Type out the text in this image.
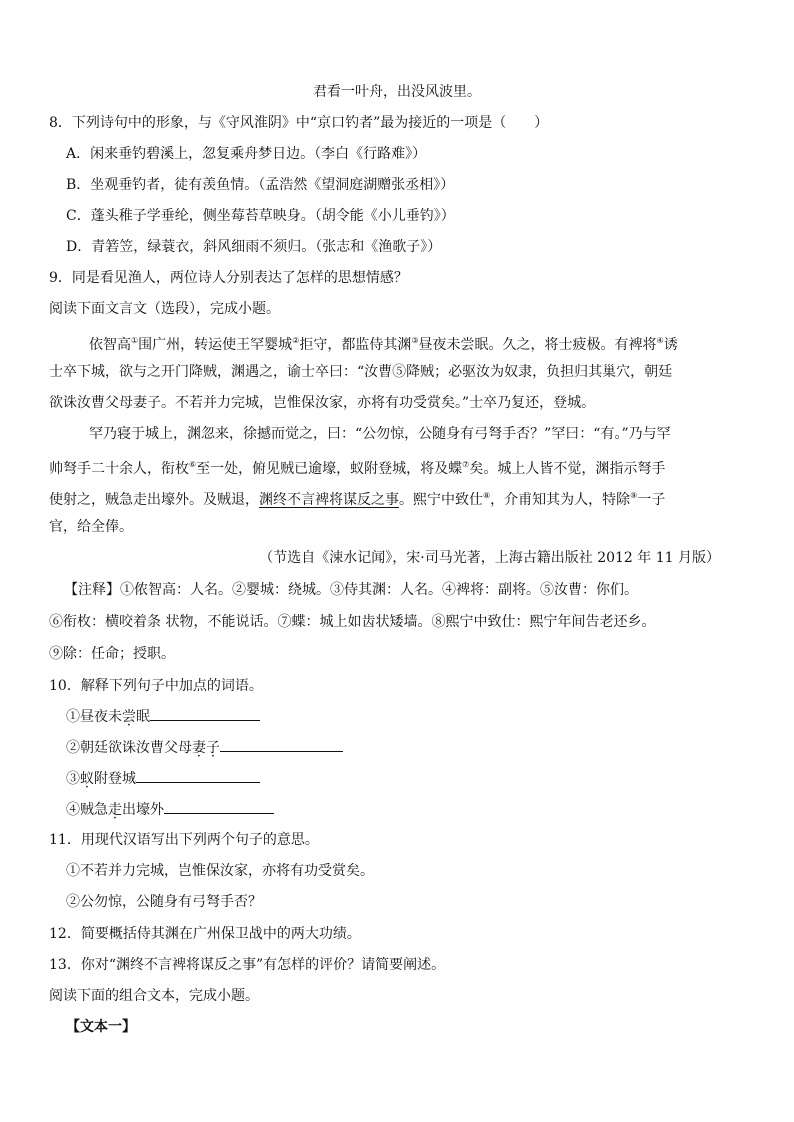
君看一叶舟，出没风波里。
8．下列诗句中的形象，与《守风淮阴》中“京口钓者”最为接近的一项是（　　）
A．闲来垂钓碧溪上，忽复乘舟梦日边。（李白《行路难》）
B．坐观垂钓者，徒有羡鱼情。（孟浩然《望洞庭湖赠张丞相》）
C．蓬头稚子学垂纶，侧坐莓苔草映身。（胡令能《小儿垂钓》）
D．青箬笠，绿蓑衣，斜风细雨不须归。（张志和《渔歌子》）
9．同是看见渔人，两位诗人分别表达了怎样的思想情感？
阅读下面文言文（选段），完成小题。
依智高①围广州，转运使王罕婴城②拒守，都监侍其渊③昼夜未尝眠。久之，将士疲极。有裨将④诱
士卒下城，欲与之开门降贼，渊遇之，谕士卒曰：“汝曹⑤降贼；必驱汝为奴隶，负担归其巢穴，朝廷
欲诛汝曹父母妻子。不若并力完城，岂惟保汝家，亦将有功受赏矣。”士卒乃复还，登城。
罕乃寝于城上，渊忽来，徐撼而觉之，曰：“公勿惊，公随身有弓弩手否？”罕曰：“有。”乃与罕
帅弩手二十余人，衔枚⑥至一处，俯见贼已逾壕，蚁附登城，将及蝶⑦矣。城上人皆不觉，渊指示弩手
使射之，贼急走出壕外。及贼退，渊终不言裨将谋反之事。熙宁中致仕⑧，介甫知其为人，特除⑨一子
官，给全俸。
（节选自《涑水记闻》，宋·司马光著，上海古籍出版社 2012 年 11 月版）
【注释】①侬智高：人名。②婴城：绕城。③侍其渊：人名。④裨将：副将。⑤汝曹：你们。
⑥衔枚：横咬着条 状物，不能说话。⑦蝶：城上如齿状矮墙。⑧熙宁中致仕：熙宁年间告老还乡。
⑨除：任命；授职。
10．解释下列句子中加点的词语。
①昼夜未尝眠
②朝廷欲诛汝曹父母妻子
③蚁附登城
④贼急走出壕外
11．用现代汉语写出下列两个句子的意思。
①不若并力完城，岂惟保汝家，亦将有功受赏矣。
②公勿惊，公随身有弓弩手否？
12．简要概括侍其渊在广州保卫战中的两大功绩。
13．你对“渊终不言裨将谋反之事”有怎样的评价？请简要阐述。
阅读下面的组合文本，完成小题。
【文本一】
